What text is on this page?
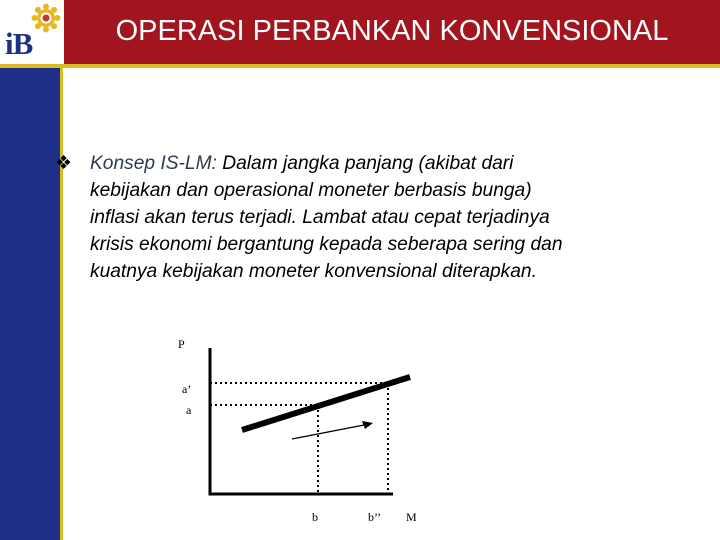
iB	OPERASI PERBANKAN KONVENSIONAL
❖ Konsep IS-LM: Dalam jangka panjang (akibat dari
kebijakan dan operasional moneter berbasis bunga)
inflasi akan terus terjadi. Lambat atau cepat terjadinya
krisis ekonomi bergantung kepada seberapa sering dan
kuatnya kebijakan moneter konvensional diterapkan.
P
a’
a
b	b’’ M
